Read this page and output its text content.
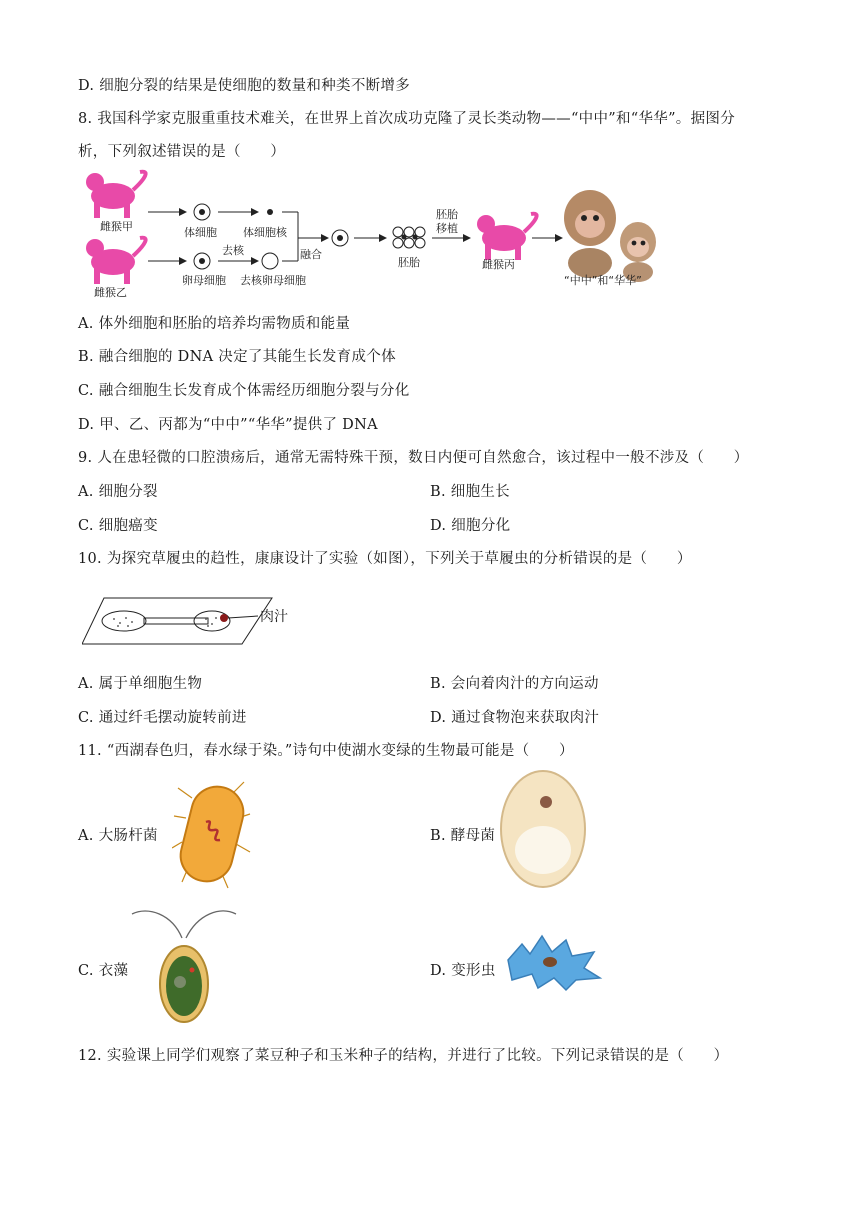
D. 细胞分裂的结果是使细胞的数量和种类不断增多
8. 我国科学家克服重重技术难关，在世界上首次成功克隆了灵长类动物——“中中”和“华华”。据图分
析，下列叙述错误的是（　　）
雌猴甲
雌猴乙
体细胞 体细胞核
卵母细胞
去核
去核卵母细胞
融合
胚胎
胚胎
移植
雌猴丙
“中中”和“华华”
A. 体外细胞和胚胎的培养均需物质和能量
B. 融合细胞的 DNA 决定了其能生长发育成个体
C. 融合细胞生长发育成个体需经历细胞分裂与分化
D. 甲、乙、丙都为“中中”“华华”提供了 DNA
9. 人在患轻微的口腔溃疡后，通常无需特殊干预，数日内便可自然愈合，该过程中一般不涉及（　　）
A. 细胞分裂	B. 细胞生长
C. 细胞癌变	D. 细胞分化
10. 为探究草履虫的趋性，康康设计了实验（如图），下列关于草履虫的分析错误的是（　　）
肉汁
A. 属于单细胞生物	B. 会向着肉汁的方向运动
C. 通过纤毛摆动旋转前进	D. 通过食物泡来获取肉汁
11. “西湖春色归，春水绿于染。”诗句中使湖水变绿的生物最可能是（　　）
A. 大肠杆菌	B. 酵母菌
C. 衣藻	D. 变形虫
12. 实验课上同学们观察了菜豆种子和玉米种子的结构，并进行了比较。下列记录错误的是（　　）
